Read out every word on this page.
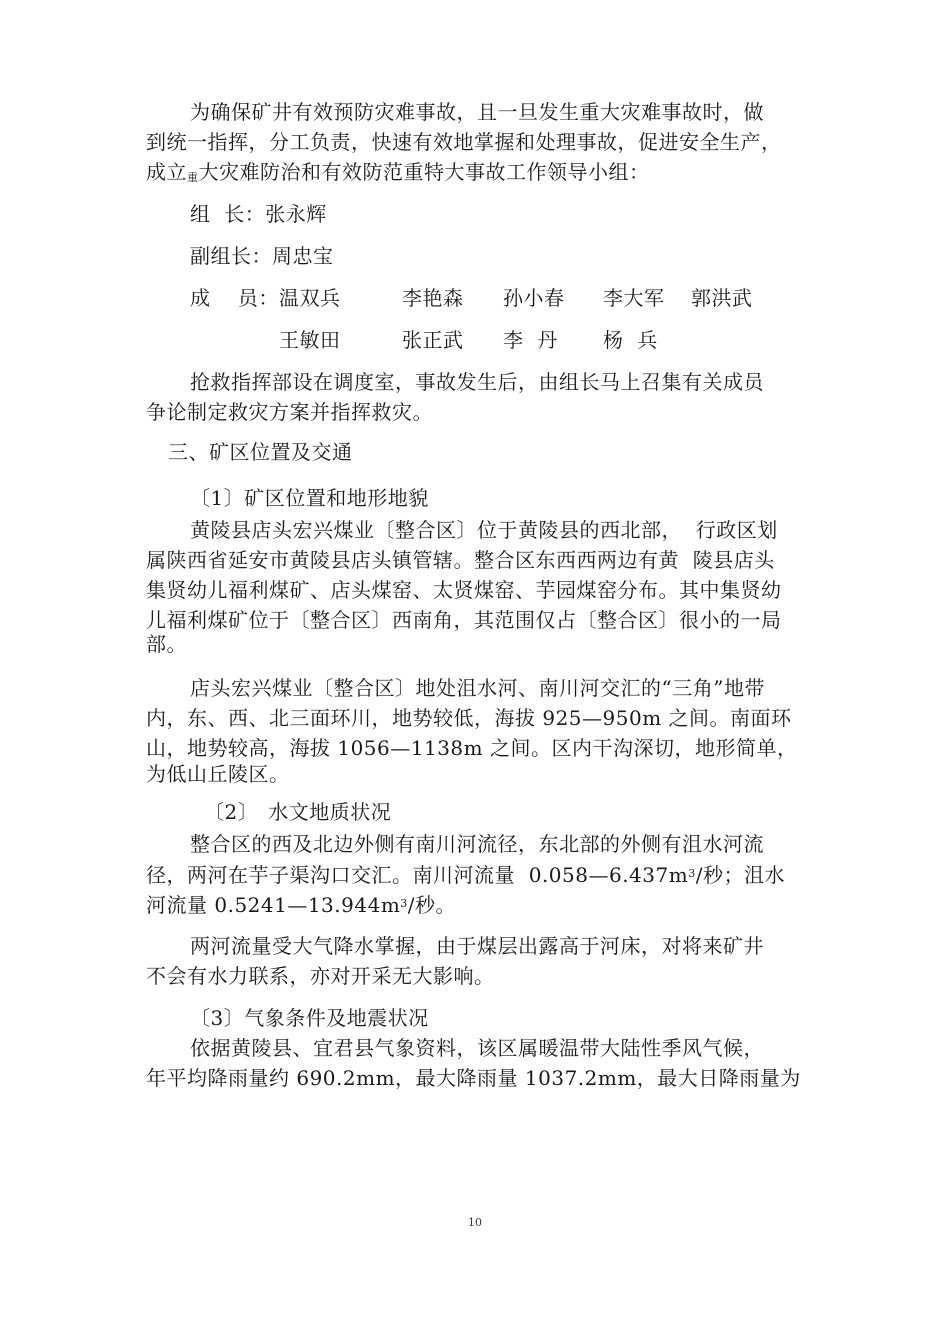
为确保矿井有效预防灾难事故，且一旦发生重大灾难事故时，做
到统一指挥，分工负责，快速有效地掌握和处理事故，促进安全生产，
成立重大灾难防治和有效防范重特大事故工作领导小组：
组  长：张永辉
副组长：周忠宝
成    员： 温双兵	李艳森 孙小春 李大军 郭洪武
王敏田	张正武 李  丹 杨  兵
抢救指挥部设在调度室，事故发生后，由组长马上召集有关成员
争论制定救灾方案并指挥救灾。
三、矿区位置及交通
〔1〕矿区位置和地形地貌
黄陵县店头宏兴煤业〔整合区〕位于黄陵县的西北部，  行政区划
属陕西省延安市黄陵县店头镇管辖。整合区东西西两边有黄  陵县店头
集贤幼儿福利煤矿、店头煤窑、太贤煤窑、芋园煤窑分布。其中集贤幼
儿福利煤矿位于〔整合区〕西南角，其范围仅占〔整合区〕很小的一局
部。
店头宏兴煤业〔整合区〕地处沮水河、南川河交汇的“三角”地带
内，东、西、北三面环川，地势较低，海拔 925—950m 之间。南面环
山，地势较高，海拔 1056—1138m 之间。区内干沟深切，地形简单，
为低山丘陵区。
〔2〕 水文地质状况
整合区的西及北边外侧有南川河流径，东北部的外侧有沮水河流
径，两河在芋子渠沟口交汇。南川河流量  $0.058—6.437m^3/$秒；沮水
河流量 $0.5241—13.944m^3/$秒。
两河流量受大气降水掌握，由于煤层出露高于河床，对将来矿井
不会有水力联系，亦对开采无大影响。
〔3〕气象条件及地震状况
依据黄陵县、宜君县气象资料，该区属暖温带大陆性季风气候，
年平均降雨量约 690.2mm，最大降雨量 1037.2mm，最大日降雨量为
10
